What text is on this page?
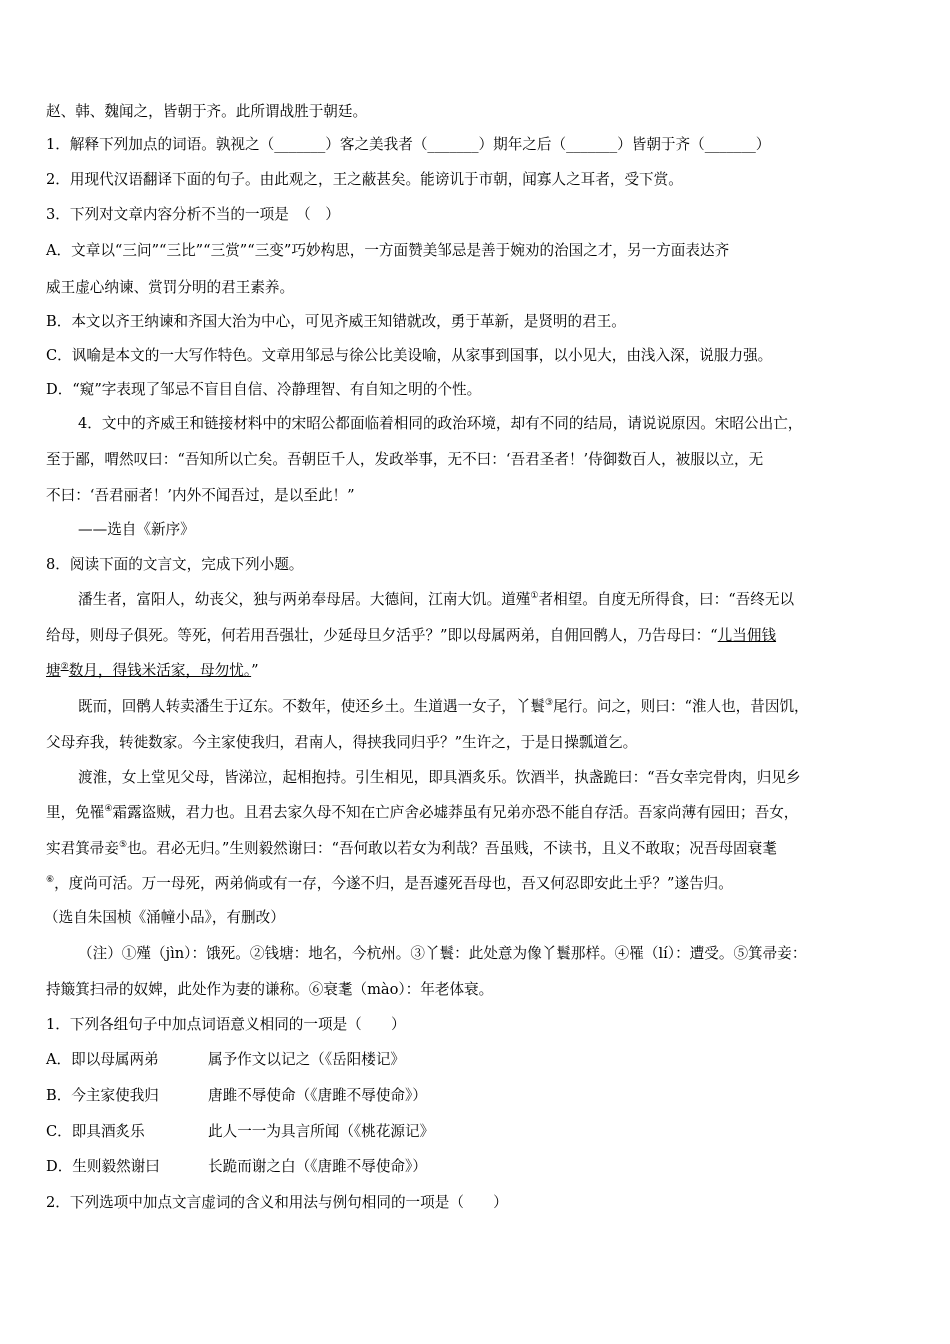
赵、韩、魏闻之，皆朝于齐。此所谓战胜于朝廷。
1．解释下列加点的词语。孰视之（_______）客之美我者（_______）期年之后（_______）皆朝于齐（_______）
2．用现代汉语翻译下面的句子。由此观之，王之蔽甚矣。能谤讥于市朝，闻寡人之耳者，受下赏。
3．下列对文章内容分析不当的一项是　（　）
A．文章以“三问”“三比”“三赏”“三变”巧妙构思，一方面赞美邹忌是善于婉劝的治国之才，另一方面表达齐
威王虚心纳谏、赏罚分明的君王素养。
B．本文以齐王纳谏和齐国大治为中心，可见齐威王知错就改，勇于革新，是贤明的君王。
C．讽喻是本文的一大写作特色。文章用邹忌与徐公比美设喻，从家事到国事，以小见大，由浅入深，说服力强。
D．“窥”字表现了邹忌不盲目自信、冷静理智、有自知之明的个性。
4．文中的齐威王和链接材料中的宋昭公都面临着相同的政治环境，却有不同的结局，请说说原因。宋昭公出亡，
至于鄙，喟然叹曰：“吾知所以亡矣。吾朝臣千人，发政举事，无不曰：‘吾君圣者！’侍御数百人，被服以立，无
不曰：‘吾君丽者！’内外不闻吾过，是以至此！”
——选自《新序》
8．阅读下面的文言文，完成下列小题。
潘生者，富阳人，幼丧父，独与两弟奉母居。大德间，江南大饥。道殣①者相望。自度无所得食，曰：“吾终无以
给母，则母子俱死。等死，何若用吾强壮，少延母旦夕活乎？”即以母属两弟，自佣回鹘人，乃告母曰：“儿当佣钱
塘②数月，得钱米活家，母勿忧。”
既而，回鹘人转卖潘生于辽东。不数年，使还乡土。生道遇一女子，丫鬟③尾行。问之，则曰：“淮人也，昔因饥，
父母弃我，转徙数家。今主家使我归，君南人，得挟我同归乎？”生许之，于是日操瓢道乞。
渡淮，女上堂见父母，皆涕泣，起相抱持。引生相见，即具酒炙乐。饮酒半，执盏跪曰：“吾女幸完骨肉，归见乡
里，免罹④霜露盗贼，君力也。且君去家久母不知在亡庐舍必墟莽虽有兄弟亦恐不能自存活。吾家尚薄有园田；吾女，
实君箕帚妾⑤也。君必无归。”生则毅然谢曰：“吾何敢以若女为利哉？吾虽贱，不读书，且义不敢取；况吾母固衰耄
⑥，度尚可活。万一母死，两弟倘或有一存，今遂不归，是吾遽死吾母也，吾又何忍即安此土乎？”遂告归。
（选自朱国桢《涌幢小品》，有删改）
（注）①殣（jìn）：饿死。②钱塘：地名，今杭州。③丫鬟：此处意为像丫鬟那样。④罹（lí）：遭受。⑤箕帚妾：
持簸箕扫帚的奴婢，此处作为妻的谦称。⑥衰耄（mào）：年老体衰。
1．下列各组句子中加点词语意义相同的一项是（　　）
A．即以母属两弟	属予作文以记之（《岳阳楼记》
B．今主家使我归	唐雎不辱使命（《唐雎不辱使命》）
C．即具酒炙乐	此人一一为具言所闻（《桃花源记》
D．生则毅然谢曰	长跪而谢之白（《唐雎不辱使命》）
2．下列选项中加点文言虚词的含义和用法与例句相同的一项是（　　）
